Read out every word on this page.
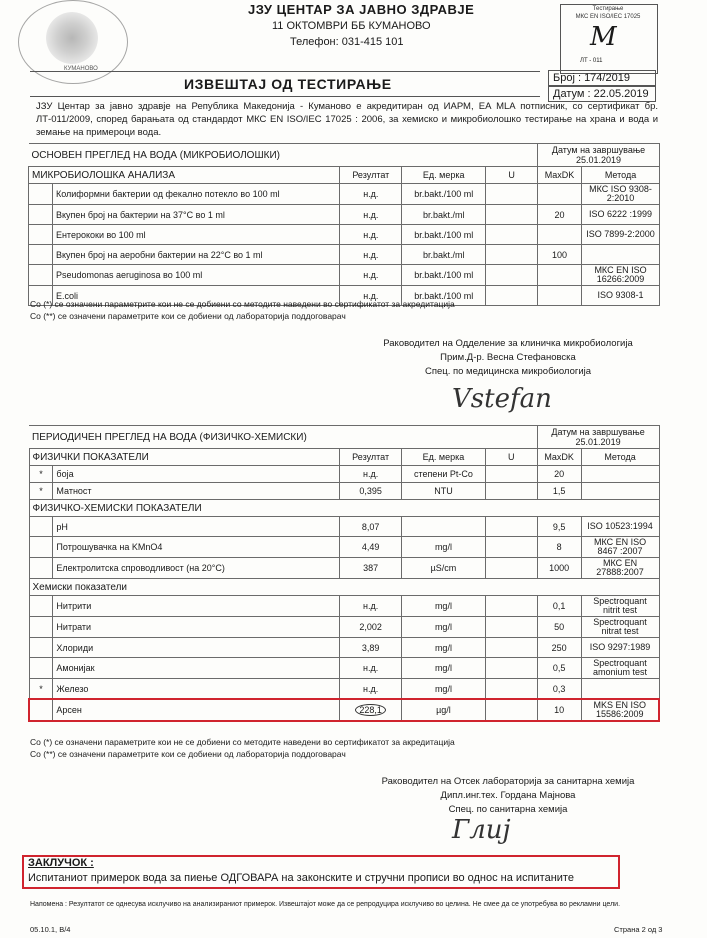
КУМАНОВО
ЈЗУ ЦЕНТАР ЗА ЈАВНО ЗДРАВЈЕ
11 ОКТОМВРИ ББ КУМАНОВО
Телефон: 031-415 101
Тестирање
МКС EN ISO/IEC 17025
M
ЛТ - 011
ИЗВЕШТАЈ ОД ТЕСТИРАЊЕ	Број : 174/2019
Датум : 22.05.2019
ЈЗУ Центар за јавно здравје на Република Македонија - Куманово е акредитиран од ИАРМ, EA MLA потписник, со сертификат бр. ЛТ-011/2009, според барањата од стандардот МКС EN ISO/IEC 17025 : 2006, за хемиско и микробиолошко тестирање на храна и вода и земање на примероци вода.
ОСНОВЕН ПРЕГЛЕД НА ВОДА (МИКРОБИОЛОШКИ)					Датум на завршување
25.01.2019	

МИКРОБИОЛОШКА АНАЛИЗА		Резултат	Ед. мерка	U	MaxDK	Метода
	Колиформни бактерии од фекално потекло во 100 ml	н.д.	br.bakt./100 ml			МКС ISO 9308-2:2010
	Вкупен број на бактерии на 37°C во 1 ml	н.д.	br.bakt./ml		20	ISO 6222 :1999
	Ентерококи во 100 ml	н.д.	br.bakt./100 ml			ISO 7899-2:2000
	Вкупен број на аеробни бактерии на 22°C во 1 ml	н.д.	br.bakt./ml		100	
	Pseudomonas aeruginosa во 100 ml	н.д.	br.bakt./100 ml			МКС EN ISO 16266:2009
	E.coli	н.д.	br.bakt./100 ml			ISO 9308-1
Со (*) се означени параметрите кои не се добиени со методите наведени во сертификатот за акредитација
Со (**) се означени параметрите кои се добиени од лабораторија поддоговарач
Раководител на Одделение за клиничка микробиологија
Прим.Д-р. Весна Стефановска
Спец. по медицинска микробиологија
Vstefan
ПЕРИОДИЧЕН ПРЕГЛЕД НА ВОДА (ФИЗИЧКО-ХЕМИСКИ)					Датум на завршување
25.01.2019	

ФИЗИЧКИ ПОКАЗАТЕЛИ		Резултат	Ед. мерка	U	MaxDK	Метода
*	боја	н.д.	степени Pt-Co		20	
*	Матност	0,395	NTU		1,5	
ФИЗИЧКО-ХЕМИСКИ ПОКАЗАТЕЛИ						
	pH	8,07			9,5	ISO 10523:1994
	Потрошувачка на KMnO4	4,49	mg/l		8	МКС EN ISO 8467 :2007
	Електролитска спроводливост (на 20°C)	387	µS/cm		1000	МКС EN 27888:2007
Хемиски показатели						
	Нитрити	н.д.	mg/l		0,1	Spectroquant nitrit test
	Нитрати	2,002	mg/l		50	Spectroquant nitrat test
	Хлориди	3,89	mg/l		250	ISO 9297:1989
	Амонијак	н.д.	mg/l		0,5	Spectroquant amonium test
*	Железо	н.д.	mg/l		0,3	
	Арсен	228,1	µg/l		10	MKS EN ISO 15586:2009
Со (*) се означени параметрите кои не се добиени со методите наведени во сертификатот за акредитација
Со (**) се означени параметрите кои се добиени од лабораторија поддоговарач
Раководител на Отсек лабораторија за санитарна хемија
Дипл.инг.тех. Гордана Мајнова
Спец. по санитарна хемија
Глиј
ЗАКЛУЧОК :
Испитаниот примерок вода за пиење ОДГОВАРА на законските и стручни прописи во однос на испитаните
Напомена : Резултатот се однесува исклучиво на анализираниот примерок. Извештајот може да се репродуцира исклучиво во целина. Не смее да се употребува во рекламни цели.
05.10.1, В/4	Страна 2 од 3
